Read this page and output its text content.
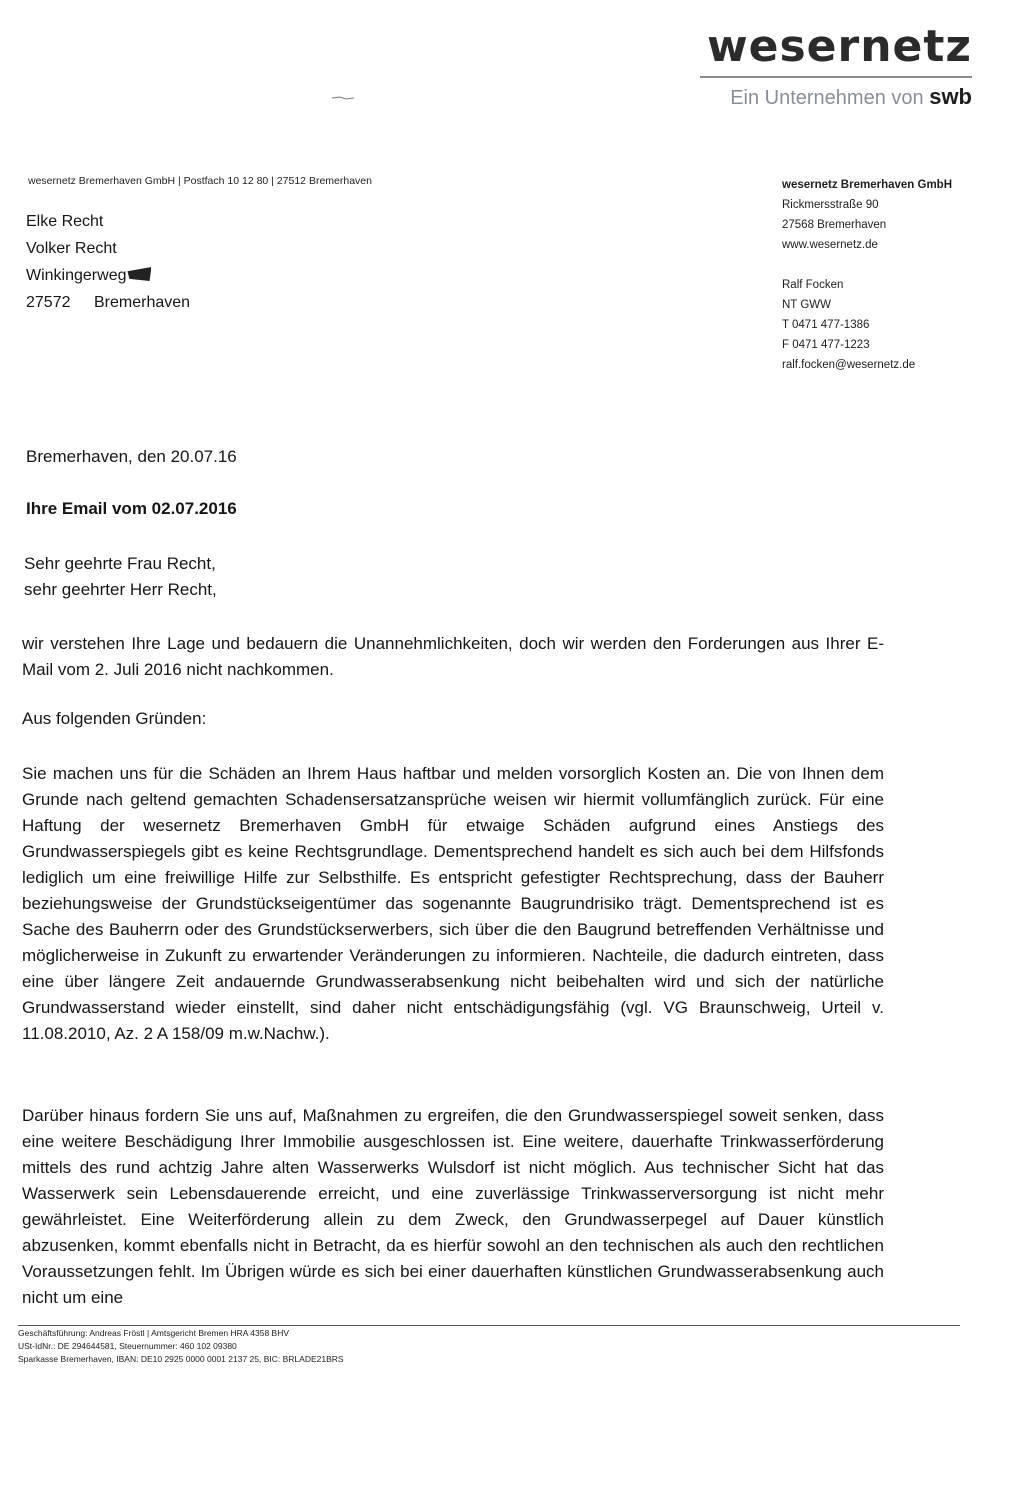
wesernetz
Ein Unternehmen von swb
wesernetz Bremerhaven GmbH | Postfach 10 12 80 | 27512 Bremerhaven
Elke Recht
Volker Recht
Winkingerweg
27572 Bremerhaven
wesernetz Bremerhaven GmbH
Rickmersstraße 90
27568 Bremerhaven
www.wesernetz.de
Ralf Focken
NT GWW
T 0471 477-1386
F 0471 477-1223
ralf.focken@wesernetz.de
Bremerhaven, den 20.07.16
Ihre Email vom 02.07.2016
Sehr geehrte Frau Recht,
sehr geehrter Herr Recht,
wir verstehen Ihre Lage und bedauern die Unannehmlichkeiten, doch wir werden den Forderungen aus Ihrer E-Mail vom 2. Juli 2016 nicht nachkommen.
Aus folgenden Gründen:
Sie machen uns für die Schäden an Ihrem Haus haftbar und melden vorsorglich Kosten an. Die von Ihnen dem Grunde nach geltend gemachten Schadensersatzansprüche weisen wir hiermit vollumfänglich zurück. Für eine Haftung der wesernetz Bremerhaven GmbH für etwaige Schäden aufgrund eines Anstiegs des Grundwasserspiegels gibt es keine Rechtsgrundlage. Dementsprechend handelt es sich auch bei dem Hilfsfonds lediglich um eine freiwillige Hilfe zur Selbsthilfe. Es entspricht gefestigter Rechtsprechung, dass der Bauherr beziehungsweise der Grundstückseigentümer das sogenannte Baugrundrisiko trägt. Dementsprechend ist es Sache des Bauherrn oder des Grundstückserwerbers, sich über die den Baugrund betreffenden Verhältnisse und möglicherweise in Zukunft zu erwartender Veränderungen zu informieren. Nachteile, die dadurch eintreten, dass eine über längere Zeit andauernde Grundwasserabsenkung nicht beibehalten wird und sich der natürliche Grundwasserstand wieder einstellt, sind daher nicht entschädigungsfähig (vgl. VG Braunschweig, Urteil v. 11.08.2010, Az. 2 A 158/09 m.w.Nachw.).
Darüber hinaus fordern Sie uns auf, Maßnahmen zu ergreifen, die den Grundwasserspiegel soweit senken, dass eine weitere Beschädigung Ihrer Immobilie ausgeschlossen ist. Eine weitere, dauerhafte Trinkwasserförderung mittels des rund achtzig Jahre alten Wasserwerks Wulsdorf ist nicht möglich. Aus technischer Sicht hat das Wasserwerk sein Lebensdauerende erreicht, und eine zuverlässige Trinkwasserversorgung ist nicht mehr gewährleistet. Eine Weiterförderung allein zu dem Zweck, den Grundwasserpegel auf Dauer künstlich abzusenken, kommt ebenfalls nicht in Betracht, da es hierfür sowohl an den technischen als auch den rechtlichen Voraussetzungen fehlt. Im Übrigen würde es sich bei einer dauerhaften künstlichen Grundwasserabsenkung auch nicht um eine
Geschäftsführung: Andreas Fröstl | Amtsgericht Bremen HRA 4358 BHV
USt-IdNr.: DE 294644581, Steuernummer: 460 102 09380
Sparkasse Bremerhaven, IBAN: DE10 2925 0000 0001 2137 25, BIC: BRLADE21BRS
